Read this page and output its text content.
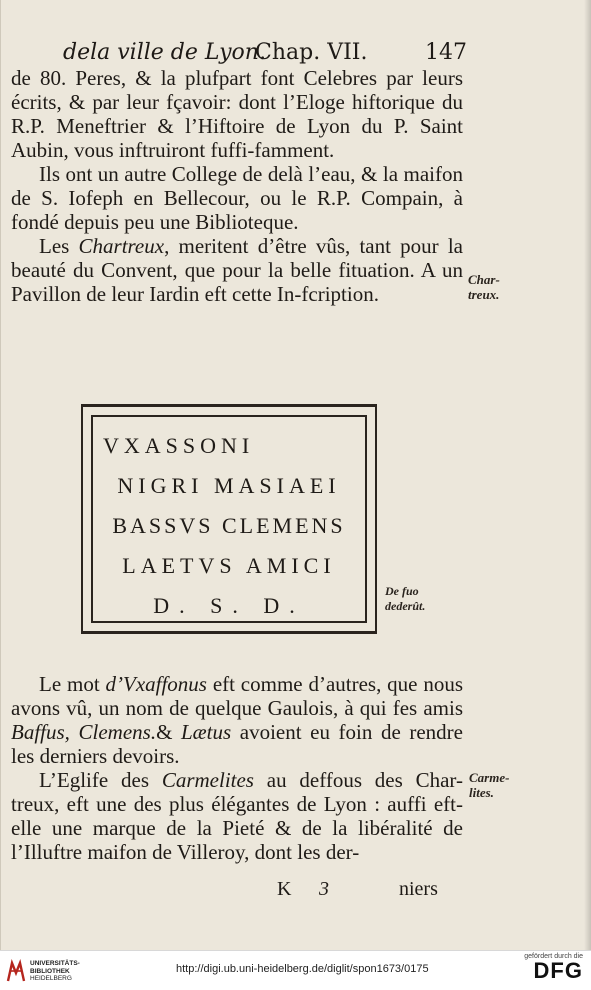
dela ville de Lyon.
Chap. VII.	147

de 80. Peres, & la plufpart font Celebres par leurs écrits, & par leur fçavoir: dont l’Eloge hiftorique du R.P. Meneftrier & l’Hiftoire de Lyon du P. Saint Aubin, vous inftruiront fuffi-famment.

Ils ont un autre College de delà l’eau, & la maifon de S. Iofeph en Bellecour, ou le R.P. Compain, à fondé depuis peu une Biblioteque.

Les Chartreux, meritent d’être vûs, tant pour la beauté du Convent, que pour la belle fituation. A un Pavillon de leur Iardin eft cette In-fcription.

Char-
treux.
VXASSONI
NIGRI MASIAEI
BASSVS CLEMENS
LAETVS AMICI
D. S. D.
De fuo
dederût.

Le mot d’Vxaffonus eft comme d’autres, que nous avons vû, un nom de quelque Gaulois, à qui fes amis Baffus, Clemens.& Lætus avoient eu foin de rendre les derniers devoirs.

L’Eglife des Carmelites au deffous des Char-treux, eft une des plus élégantes de Lyon : auffi eft-elle une marque de la Pieté & de la libéralité de l’Illuftre maifon de Villeroy, dont les der-

Carme-
lites.
K 3	niers
UNIVERSITÄTS-
BIBLIOTHEK
HEIDELBERG
http://digi.ub.uni-heidelberg.de/diglit/spon1673/0175
gefördert durch die
DFG
